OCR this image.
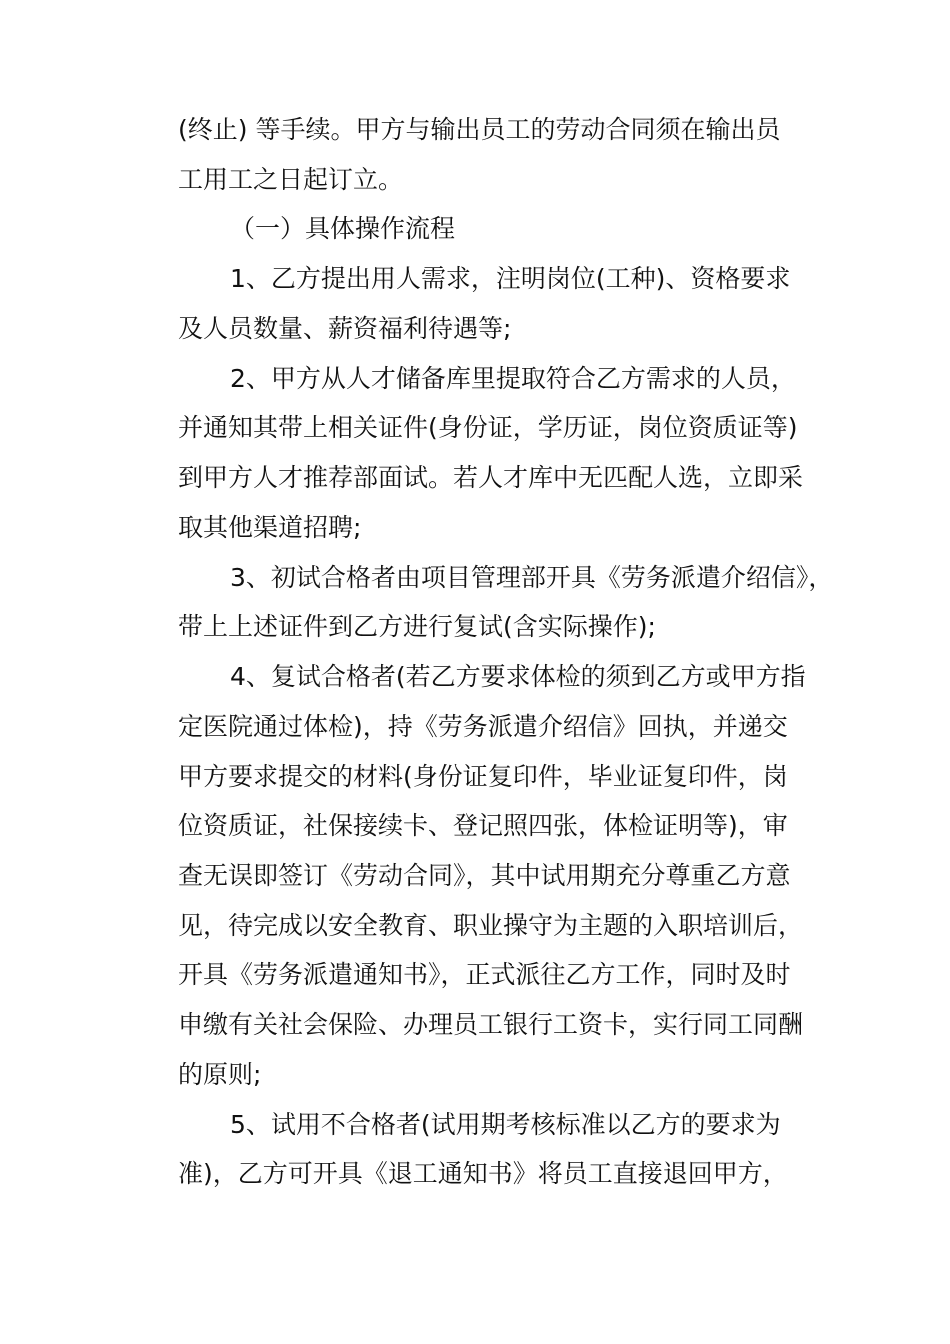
(终止) 等手续。甲方与输出员工的劳动合同须在输出员
工用工之日起订立。
（一）具体操作流程
1、乙方提出用人需求，注明岗位(工种)、资格要求
及人员数量、薪资福利待遇等;
2、甲方从人才储备库里提取符合乙方需求的人员，
并通知其带上相关证件(身份证，学历证，岗位资质证等)
到甲方人才推荐部面试。若人才库中无匹配人选，立即采
取其他渠道招聘;
3、初试合格者由项目管理部开具《劳务派遣介绍信》，
带上上述证件到乙方进行复试(含实际操作);
4、复试合格者(若乙方要求体检的须到乙方或甲方指
定医院通过体检)，持《劳务派遣介绍信》回执，并递交
甲方要求提交的材料(身份证复印件，毕业证复印件，岗
位资质证，社保接续卡、登记照四张，体检证明等)，审
查无误即签订《劳动合同》，其中试用期充分尊重乙方意
见，待完成以安全教育、职业操守为主题的入职培训后，
开具《劳务派遣通知书》，正式派往乙方工作，同时及时
申缴有关社会保险、办理员工银行工资卡，实行同工同酬
的原则;
5、试用不合格者(试用期考核标准以乙方的要求为
准)，乙方可开具《退工通知书》将员工直接退回甲方，
